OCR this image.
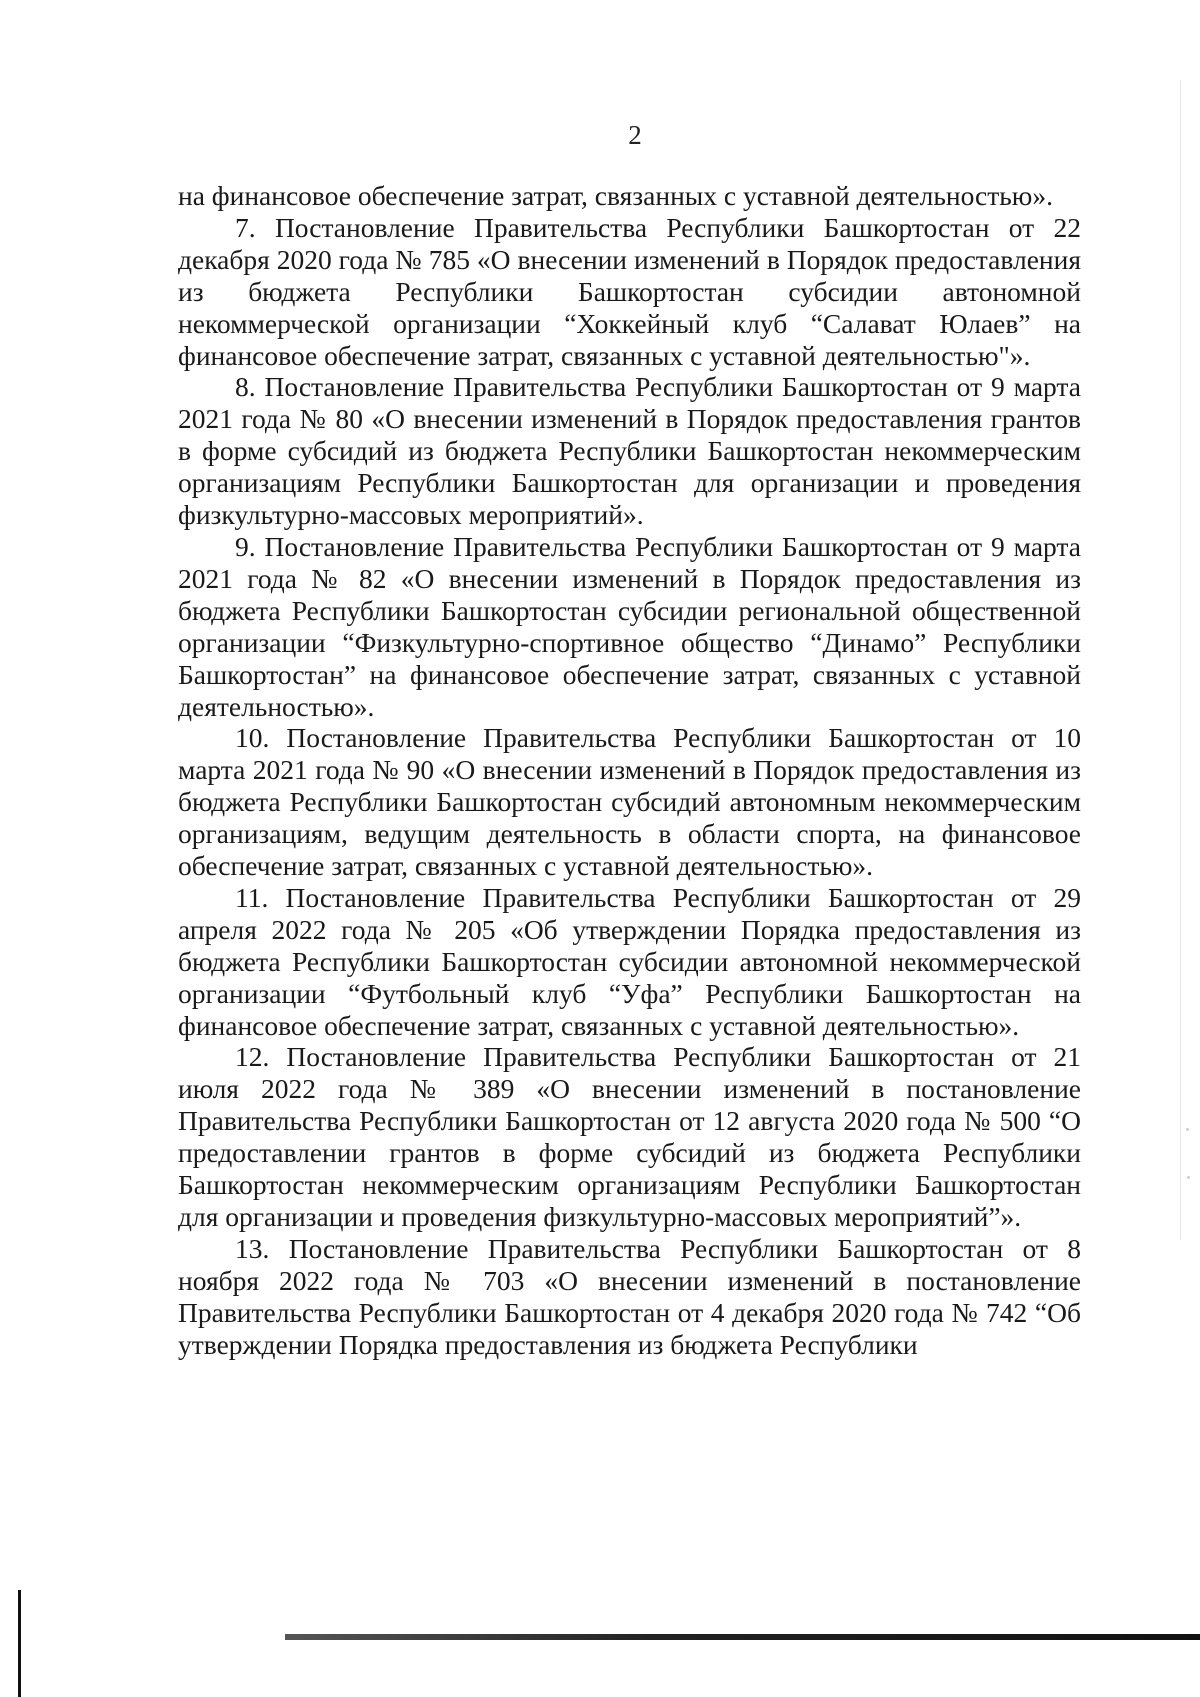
2

на финансовое обеспечение затрат, связанных с уставной деятельностью».

7. Постановление Правительства Республики Башкортостан от 22 декабря 2020 года № 785 «О внесении изменений в Порядок предоставления из бюджета Республики Башкортостан субсидии автономной некоммерческой организации “Хоккейный клуб “Салават Юлаев” на финансовое обеспечение затрат, связанных с уставной деятельностью"».

8. Постановление Правительства Республики Башкортостан от 9 марта 2021 года № 80 «О внесении изменений в Порядок предоставления грантов в форме субсидий из бюджета Республики Башкортостан некоммерческим организациям Республики Башкортостан для организации и проведения физкультурно-массовых мероприятий».

9. Постановление Правительства Республики Башкортостан от 9 марта 2021 года № 82 «О внесении изменений в Порядок предоставления из бюджета Республики Башкортостан субсидии региональной общественной организации “Физкультурно-спортивное общество “Динамо” Республики Башкортостан” на финансовое обеспечение затрат, связанных с уставной деятельностью».

10. Постановление Правительства Республики Башкортостан от 10 марта 2021 года № 90 «О внесении изменений в Порядок предоставления из бюджета Республики Башкортостан субсидий автономным некоммерческим организациям, ведущим деятельность в области спорта, на финансовое обеспечение затрат, связанных с уставной деятельностью».

11. Постановление Правительства Республики Башкортостан от 29 апреля 2022 года № 205 «Об утверждении Порядка предоставления из бюджета Республики Башкортостан субсидии автономной некоммерческой организации “Футбольный клуб “Уфа” Республики Башкортостан на финансовое обеспечение затрат, связанных с уставной деятельностью».

12. Постановление Правительства Республики Башкортостан от 21 июля 2022 года № 389 «О внесении изменений в постановление Правительства Республики Башкортостан от 12 августа 2020 года № 500 “О предоставлении грантов в форме субсидий из бюджета Республики Башкортостан некоммерческим организациям Республики Башкортостан для организации и проведения физкультурно-массовых мероприятий”».

13. Постановление Правительства Республики Башкортостан от 8 ноября 2022 года № 703 «О внесении изменений в постановление Правительства Республики Башкортостан от 4 декабря 2020 года № 742 “Об утверждении Порядка предоставления из бюджета Республики
